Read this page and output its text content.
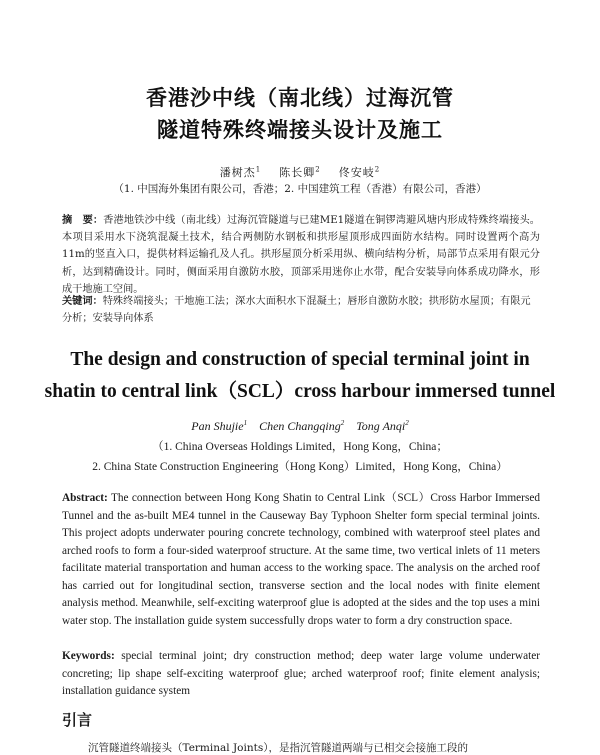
香港沙中线（南北线）过海沉管
隧道特殊终端接头设计及施工
潘树杰$^1$ 陈长卿$^2$ 佟安岐$^2$
（1. 中国海外集团有限公司，香港；2. 中国建筑工程（香港）有限公司，香港）
摘　要：香港地铁沙中线（南北线）过海沉管隧道与已建ME1隧道在铜锣湾避风塘内形成特殊终端接头。本项目采用水下浇筑混凝土技术，结合两侧防水钢板和拱形屋顶形成四面防水结构。同时设置两个高为11m的竖直入口，提供材料运输孔及人孔。拱形屋顶分析采用纵、横向结构分析，局部节点采用有限元分析，达到精确设计。同时，侧面采用自激防水胶，顶部采用迷你止水带，配合安装导向体系成功降水，形成干地施工空间。
关键词：特殊终端接头；干地施工法；深水大面积水下混凝土；唇形自激防水胶；拱形防水屋顶；有限元分析；安装导向体系
The design and construction of special terminal joint in
shatin to central link（SCL）cross harbour immersed tunnel
Pan Shujie$^1$ Chen Changqing$^2$ Tong Anqi$^2$
（1. China Overseas Holdings Limited，Hong Kong，China；
2. China State Construction Engineering（Hong Kong）Limited，Hong Kong，China）
Abstract: The connection between Hong Kong Shatin to Central Link（SCL）Cross Harbor Immersed Tunnel and the as-built ME4 tunnel in the Causeway Bay Typhoon Shelter form special terminal joints. This project adopts underwater pouring concrete technology, combined with waterproof steel plates and arched roofs to form a four-sided waterproof structure. At the same time, two vertical inlets of 11 meters facilitate material transportation and human access to the working space. The analysis on the arched roof has carried out for longitudinal section, transverse section and the local nodes with finite element analysis method. Meanwhile, self-exciting waterproof glue is adopted at the sides and the top uses a mini water stop. The installation guide system successfully drops water to form a dry construction space.
Keywords: special terminal joint; dry construction method; deep water large volume underwater concreting; lip shape self-exciting waterproof glue; arched waterproof roof; finite element analysis; installation guidance system
引言
沉管隧道终端接头（Terminal Joints），是指沉管隧道两端与已相交会接施工段的
